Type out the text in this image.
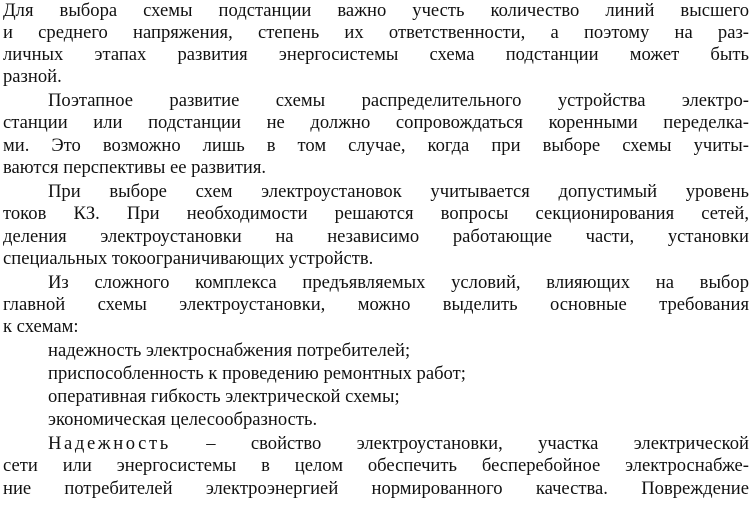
Для выбора схемы подстанции важно учесть количество линий высшего
и среднего напряжения, степень их ответственности, а поэтому на раз-
личных этапах развития энергосистемы схема подстанции может быть
разной.
Поэтапное развитие схемы распределительного устройства электро-
станции или подстанции не должно сопровождаться коренными переделка-
ми. Это возможно лишь в том случае, когда при выборе схемы учиты-
ваются перспективы ее развития.
При выборе схем электроустановок учитывается допустимый уровень
токов КЗ. При необходимости решаются вопросы секционирования сетей,
деления электроустановки на независимо работающие части, установки
специальных токоограничивающих устройств.
Из сложного комплекса предъявляемых условий, влияющих на выбор
главной схемы электроустановки, можно выделить основные требования
к схемам:
надежность электроснабжения потребителей;
приспособленность к проведению ремонтных работ;
оперативная гибкость электрической схемы;
экономическая целесообразность.
Надежность – свойство электроустановки, участка электрической
сети или энергосистемы в целом обеспечить бесперебойное электроснабже-
ние потребителей электроэнергией нормированного качества. Повреждение
